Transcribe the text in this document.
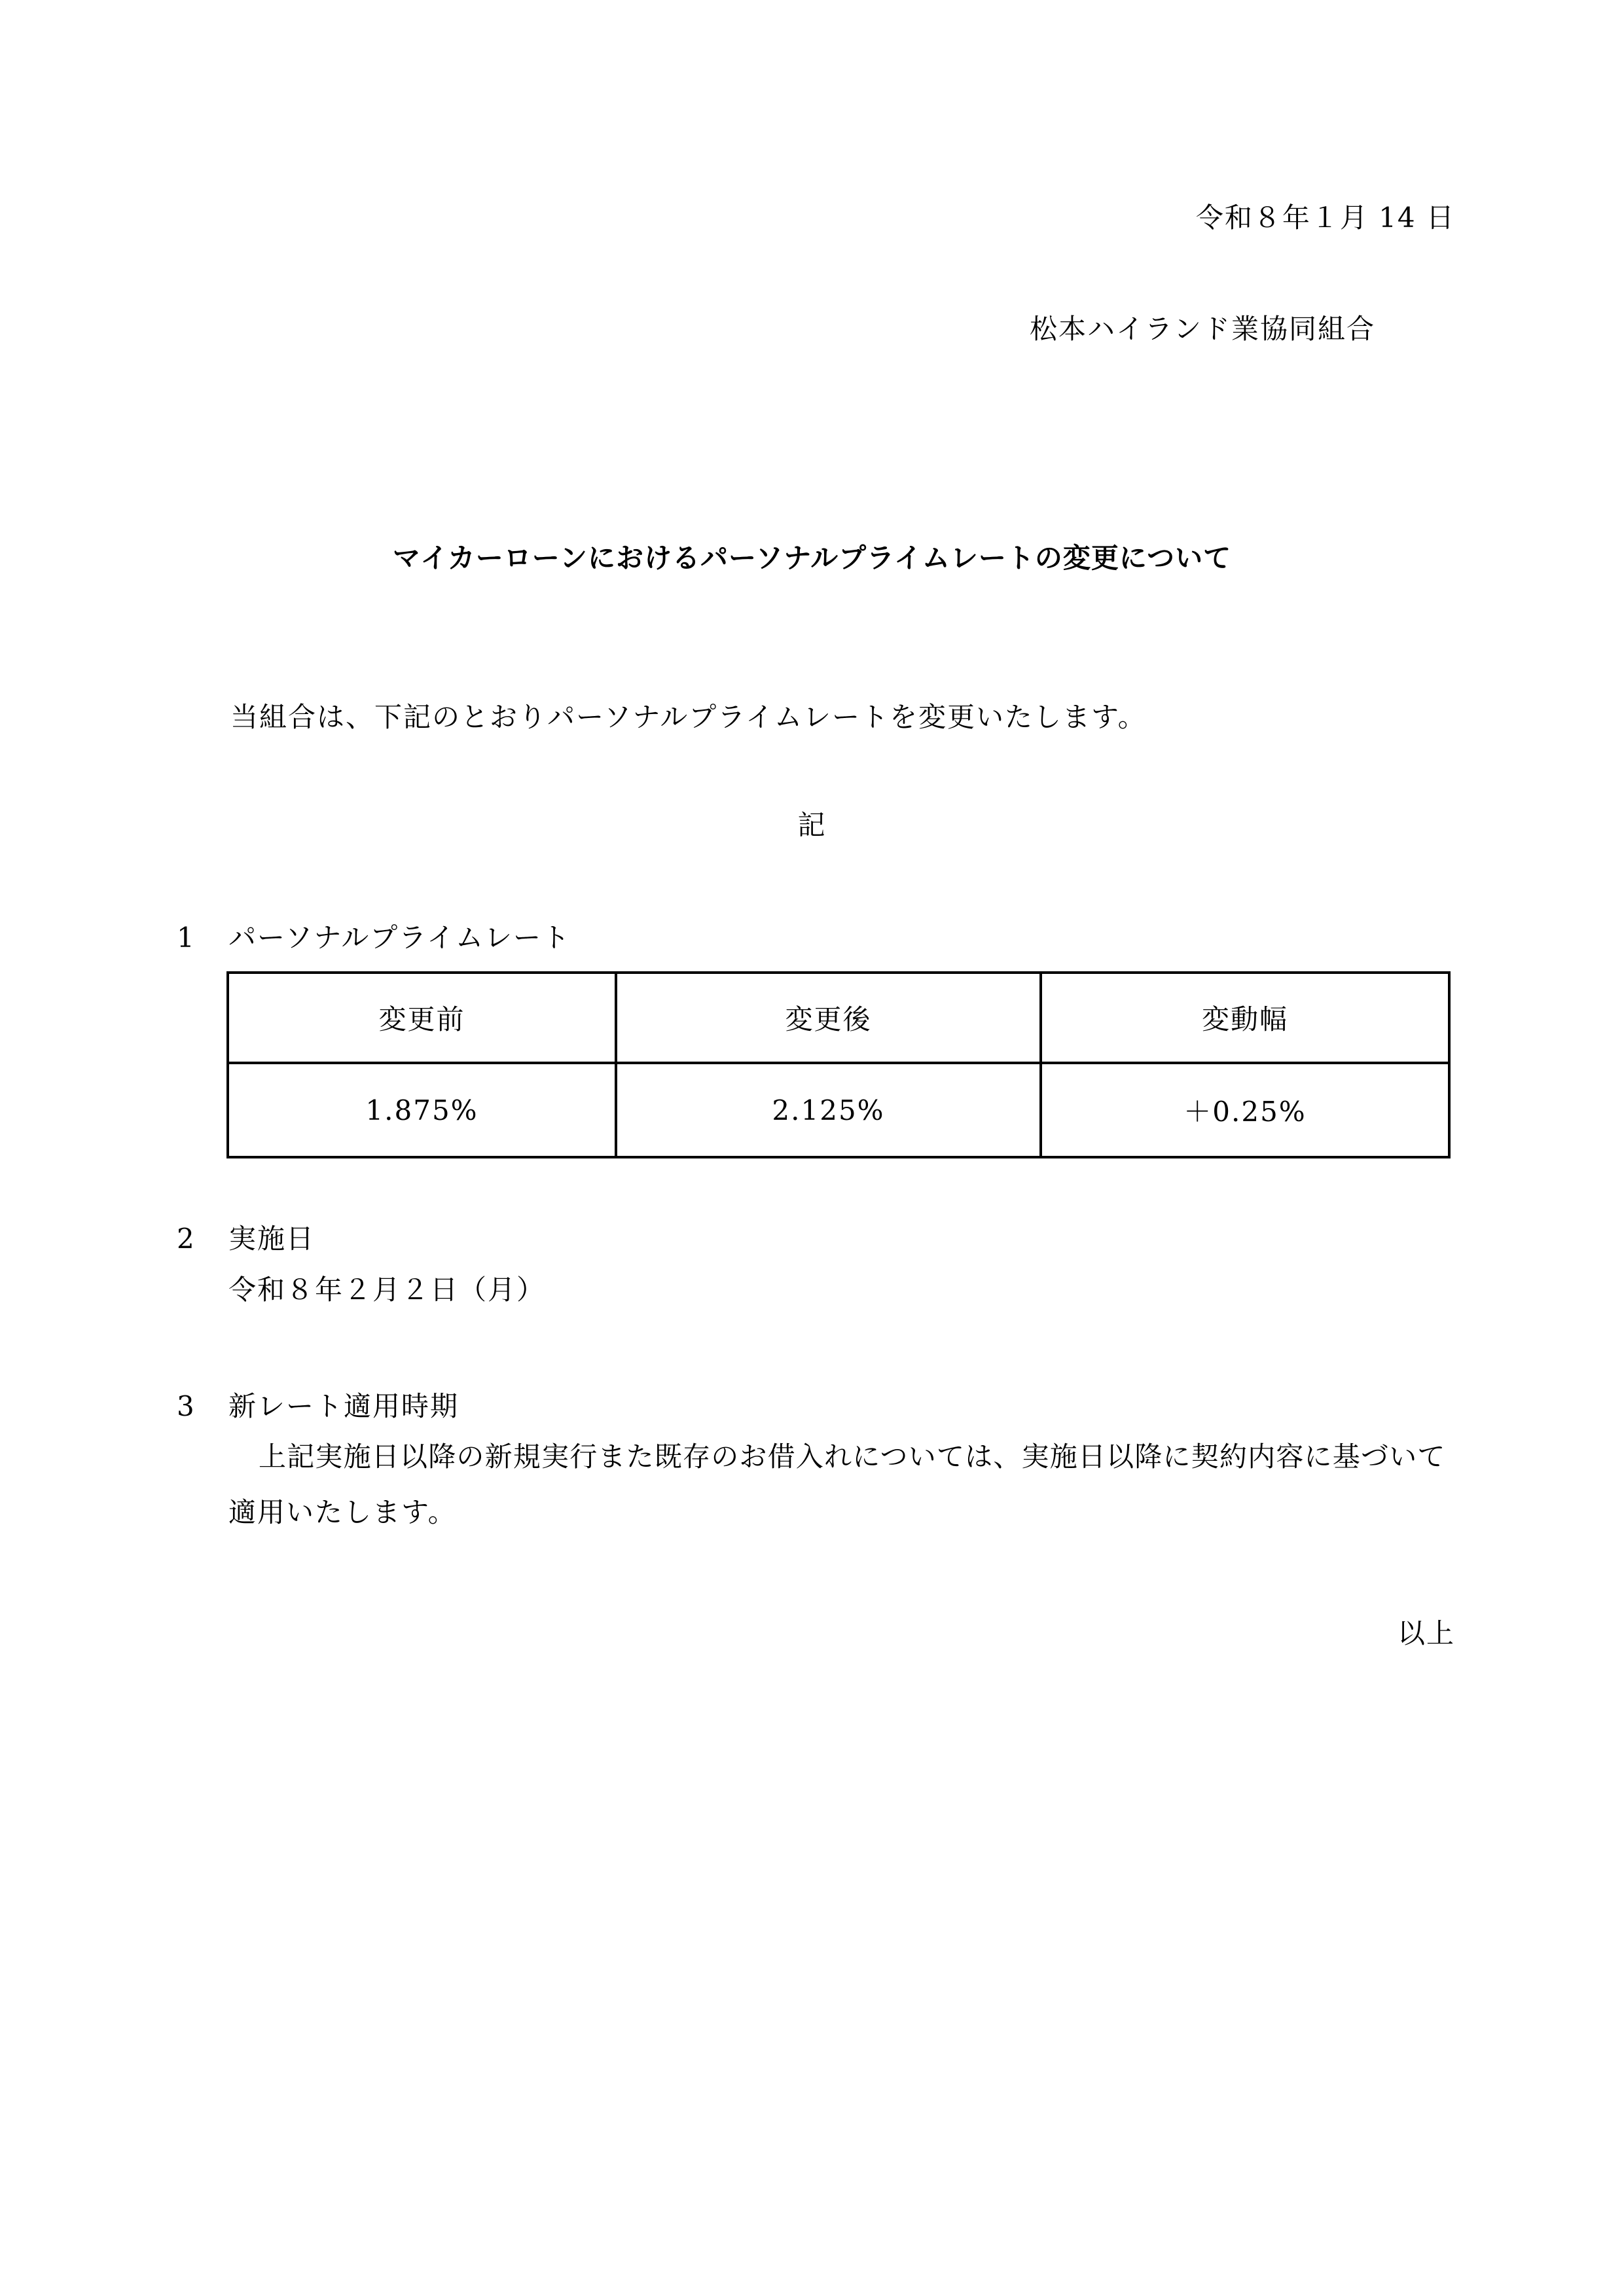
令和８年１月 14 日
松本ハイランド業協同組合
マイカーローンにおけるパーソナルプライムレートの変更について
当組合は、下記のとおりパーソナルプライムレートを変更いたします。
記
1 パーソナルプライムレート
変更前	変更後	変動幅
1.875%	2.125%	＋0.25%
2 実施日
令和８年２月２日（月）
3 新レート適用時期
上記実施日以降の新規実行また既存のお借入れについては、実施日以降に契約内容に基づいて
適用いたします。
以上
